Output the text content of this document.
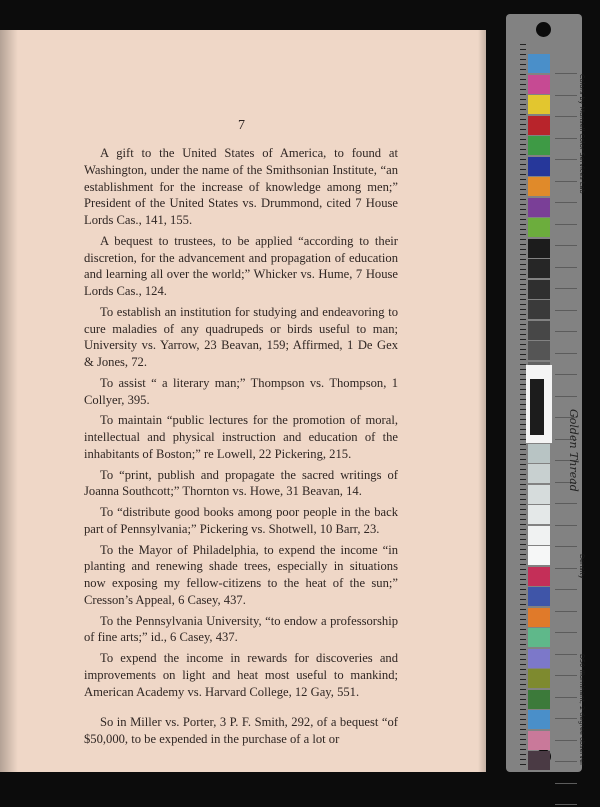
7

A gift to the United States of America, to found at Washington, under the name of the Smithsonian Institute, “an establishment for the increase of knowledge among men;” President of the United States vs. Drummond, cited 7 House Lords Cas., 141, 155.

A bequest to trustees, to be applied “according to their discretion, for the advancement and propagation of education and learning all over the world;” Whicker vs. Hume, 7 House Lords Cas., 124.

To establish an institution for studying and endeavoring to cure maladies of any quadrupeds or birds useful to man; University vs. Yarrow, 23 Beavan, 159; Affirmed, 1 De Gex & Jones, 72.

To assist “ a literary man;” Thompson vs. Thompson, 1 Collyer, 395.

To maintain “public lectures for the promotion of moral, intellectual and physical instruction and education of the inhabitants of Boston;” re Lowell, 22 Pickering, 215.

To “print, publish and propagate the sacred writings of Joanna Southcott;” Thornton vs. Howe, 31 Beavan, 14.

To “distribute good books among poor people in the back part of Pennsylvania;” Pickering vs. Shotwell, 10 Barr, 23.

To the Mayor of Philadelphia, to expend the income “in planting and renewing shade trees, especially in situations now exposing my fellow-citizens to the heat of the sun;” Cresson’s Appeal, 6 Casey, 437.

To the Pennsylvania University, “to endow a professorship of fine arts;” id., 6 Casey, 437.

To expend the income in rewards for discoveries and improvements on light and heat most useful to mankind; American Academy vs. Harvard College, 12 Gay, 551.

So in Miller vs. Porter, 3 P. F. Smith, 292, of a bequest “of $50,000, to be expended in the purchase of a lot or

Colors by Munsell Color Services Lab
Density
D50 Illuminant, 2 degree observer
Golden Thread
